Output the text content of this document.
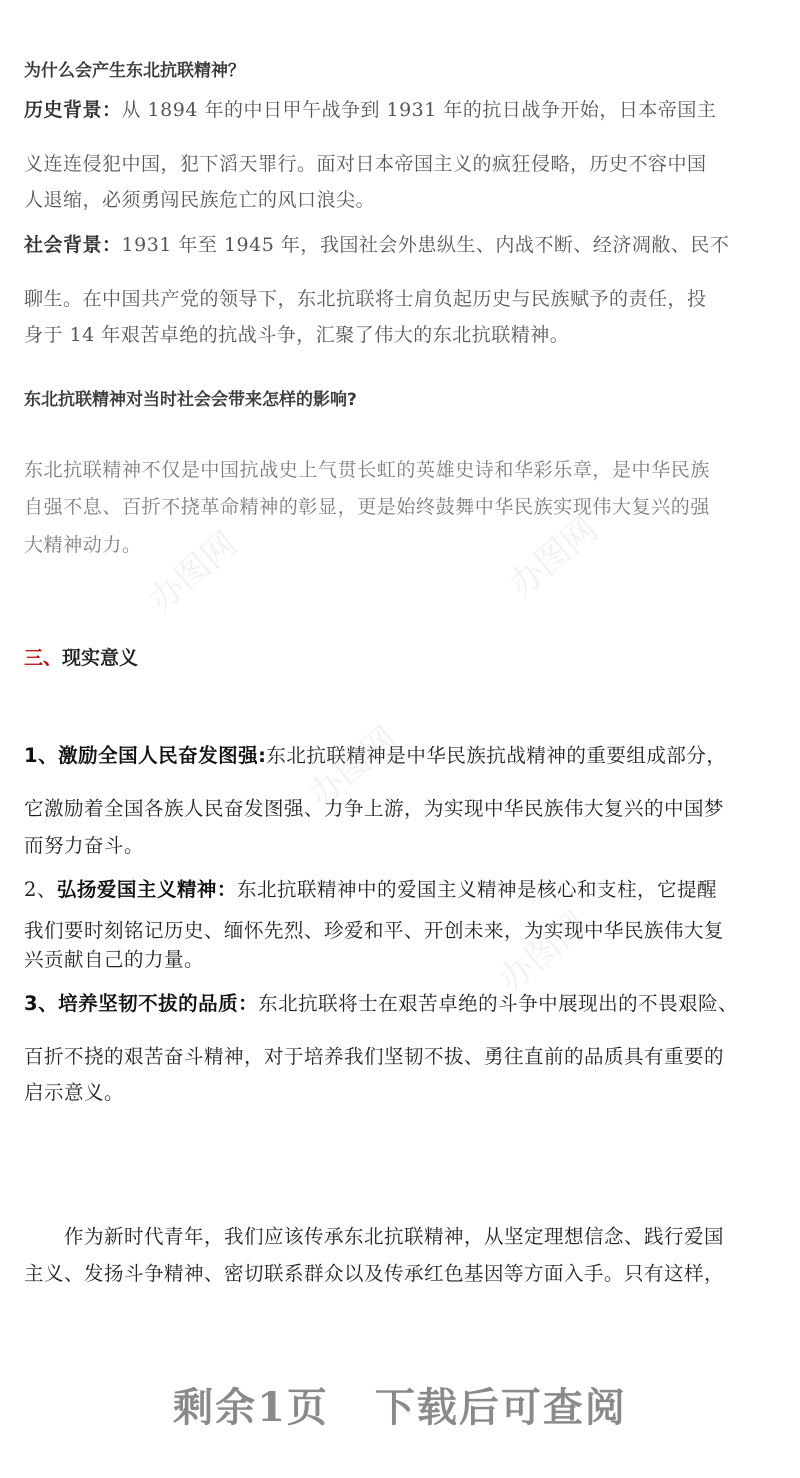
为什么会产生东北抗联精神？
历史背景：从 1894 年的中日甲午战争到 1931 年的抗日战争开始，日本帝国主
义连连侵犯中国，犯下滔天罪行。面对日本帝国主义的疯狂侵略，历史不容中国
人退缩，必须勇闯民族危亡的风口浪尖。
社会背景：1931 年至 1945 年，我国社会外患纵生、内战不断、经济凋敝、民不
聊生。在中国共产党的领导下，东北抗联将士肩负起历史与民族赋予的责任，投
身于 14 年艰苦卓绝的抗战斗争，汇聚了伟大的东北抗联精神。
东北抗联精神对当时社会会带来怎样的影响?
东北抗联精神不仅是中国抗战史上气贯长虹的英雄史诗和华彩乐章，是中华民族
自强不息、百折不挠革命精神的彰显，更是始终鼓舞中华民族实现伟大复兴的强
大精神动力。
三、现实意义
1、激励全国人民奋发图强:东北抗联精神是中华民族抗战精神的重要组成部分，
它激励着全国各族人民奋发图强、力争上游，为实现中华民族伟大复兴的中国梦
而努力奋斗。
2、弘扬爱国主义精神：东北抗联精神中的爱国主义精神是核心和支柱，它提醒
我们要时刻铭记历史、缅怀先烈、珍爱和平、开创未来，为实现中华民族伟大复
兴贡献自己的力量。
3、培养坚韧不拔的品质：东北抗联将士在艰苦卓绝的斗争中展现出的不畏艰险、
百折不挠的艰苦奋斗精神，对于培养我们坚韧不拔、勇往直前的品质具有重要的
启示意义。
作为新时代青年，我们应该传承东北抗联精神，从坚定理想信念、践行爱国
主义、发扬斗争精神、密切联系群众以及传承红色基因等方面入手。只有这样，
办图网	办图网
办图网
办图网
剩余1页 下载后可查阅
